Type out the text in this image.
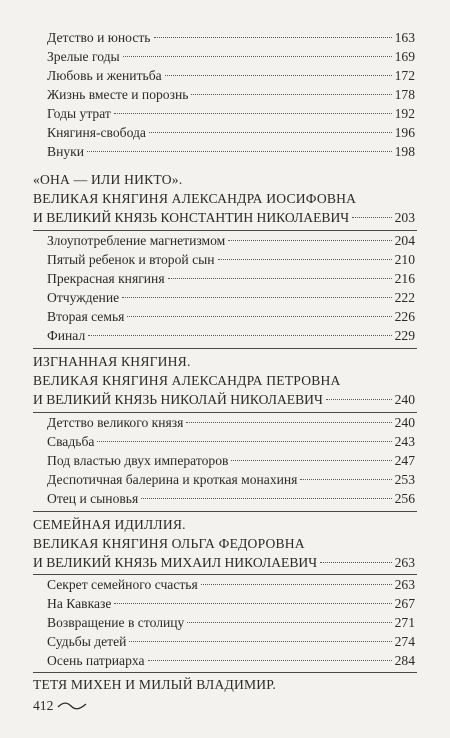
Детство и юность	163
Зрелые годы	169
Любовь и женитьба	172
Жизнь вместе и порознь	178
Годы утрат	192
Княгиня-свобода	196
Внуки	198
«ОНА — ИЛИ НИКТО».
ВЕЛИКАЯ КНЯГИНЯ АЛЕКСАНДРА ИОСИФОВНА
И ВЕЛИКИЙ КНЯЗЬ КОНСТАНТИН НИКОЛАЕВИЧ	203
Злоупотребление магнетизмом	204
Пятый ребенок и второй сын	210
Прекрасная княгиня	216
Отчуждение	222
Вторая семья	226
Финал	229
ИЗГНАННАЯ КНЯГИНЯ.
ВЕЛИКАЯ КНЯГИНЯ АЛЕКСАНДРА ПЕТРОВНА
И ВЕЛИКИЙ КНЯЗЬ НИКОЛАЙ НИКОЛАЕВИЧ	240
Детство великого князя	240
Свадьба	243
Под властью двух императоров	247
Деспотичная балерина и кроткая монахиня	253
Отец и сыновья	256
СЕМЕЙНАЯ ИДИЛЛИЯ.
ВЕЛИКАЯ КНЯГИНЯ ОЛЬГА ФЕДОРОВНА
И ВЕЛИКИЙ КНЯЗЬ МИХАИЛ НИКОЛАЕВИЧ	263
Секрет семейного счастья	263
На Кавказе	267
Возвращение в столицу	271
Судьбы детей	274
Осень патриарха	284
ТЕТЯ МИХЕН И МИЛЫЙ ВЛАДИМИР.
412
